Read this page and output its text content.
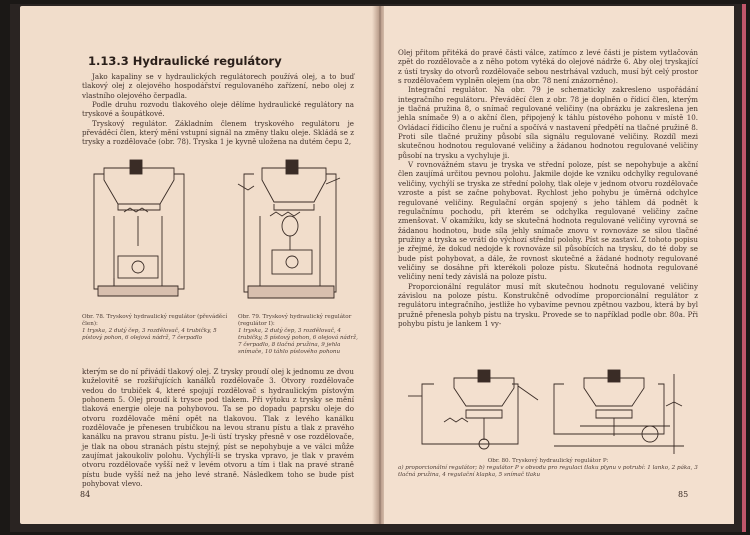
1.13.3 Hydraulické regulátory

Jako kapaliny se v hydraulických regulátorech používá olej, a to buď tlakový olej z olejového hospodářství regulovaného zařízení, nebo olej z vlastního olejového čerpadla.

Podle druhu rozvodu tlakového oleje dělíme hydraulické regulátory na tryskové a šoupátkové.

Tryskový regulátor. Základním členem tryskového regulátoru je převáděcí člen, který mění vstupní signál na změny tlaku oleje. Skládá se z trysky a rozdělovače (obr. 78). Tryska 1 je kyvně uložena na dutém čepu 2,

Obr. 78. Tryskový hydraulický regulátor (převáděcí člen):
1 tryska, 2 dutý čep, 3 rozdělovač, 4 trubičky, 5 pístový pohon, 6 olejová nádrž, 7 čerpadlo
Obr. 79. Tryskový hydraulický regulátor (regulátor I):
1 tryska, 2 dutý čep, 3 rozdělovač, 4 trubičky, 5 pístový pohon, 6 olejová nádrž, 7 čerpadlo, 8 tlačná pružina, 9 jehla snímače, 10 táhlo pístového pohonu

kterým se do ní přivádí tlakový olej. Z trysky proudí olej k jednomu ze dvou kuželovitě se rozšiřujících kanálků rozdělovače 3. Otvory rozdělovače vedou do trubiček 4, které spojují rozdělovač s hydraulickým pístovým pohonem 5. Olej proudí k trysce pod tlakem. Při výtoku z trysky se mění tlaková energie oleje na pohybovou. Ta se po dopadu paprsku oleje do otvoru rozdělovače mění opět na tlakovou. Tlak z levého kanálku rozdělovače je přenesen trubičkou na levou stranu pístu a tlak z pravého kanálku na pravou stranu pístu. Je-li ústí trysky přesně v ose rozdělovače, je tlak na obou stranách pístu stejný, píst se nepohybuje a ve válci může zaujímat jakoukoliv polohu. Vychýlí-li se tryska vpravo, je tlak v pravém otvoru rozdělovače vyšší než v levém otvoru a tím i tlak na pravé straně pístu bude vyšší než na jeho levé straně. Následkem toho se bude píst pohybovat vlevo.

84

Olej přitom přitéká do pravé části válce, zatímco z levé části je pístem vytlačován zpět do rozdělovače a z něho potom vytéká do olejové nádrže 6. Aby olej tryskající z ústí trysky do otvorů rozdělovače sebou nestrhával vzduch, musí být celý prostor s rozdělovačem vyplněn olejem (na obr. 78 není znázorněno).

Integrační regulátor. Na obr. 79 je schematicky zakresleno uspořádání integračního regulátoru. Převáděcí člen z obr. 78 je doplněn o řídicí člen, kterým je tlačná pružina 8, o snímač regulované veličiny (na obrázku je zakreslena jen jehla snímače 9) a o akční člen, připojený k táhlu pístového pohonu v místě 10. Ovládací řídicího členu je ruční a spočívá v nastavení předpětí na tlačné pružině 8. Proti síle tlačné pružiny působí síla signálu regulované veličiny. Rozdíl mezi skutečnou hodnotou regulované veličiny a žádanou hodnotou regulované veličiny působí na trysku a vychyluje ji.

V rovnovážném stavu je tryska ve střední poloze, píst se nepohybuje a akční člen zaujímá určitou pevnou polohu. Jakmile dojde ke vzniku odchylky regulované veličiny, vychýlí se tryska ze střední polohy, tlak oleje v jednom otvoru rozdělovače vzroste a píst se začne pohybovat. Rychlost jeho pohybu je úměrná odchylce regulované veličiny. Regulační orgán spojený s jeho táhlem dá podnět k regulačnímu pochodu, při kterém se odchylka regulované veličiny začne zmenšovat. V okamžiku, kdy se skutečná hodnota regulované veličiny vyrovná se žádanou hodnotou, bude síla jehly snímače znovu v rovnováze se silou tlačné pružiny a tryska se vrátí do výchozí střední polohy. Píst se zastaví. Z tohoto popisu je zřejmé, že dokud nedojde k rovnováze sil působících na trysku, do té doby se bude píst pohybovat, a dále, že rovnost skutečné a žádané hodnoty regulované veličiny se dosáhne při kterékoli poloze pístu. Skutečná hodnota regulované veličiny není tedy závislá na poloze pístu.

Proporcionální regulátor musí mít skutečnou hodnotu regulované veličiny závislou na poloze pístu. Konstrukčně odvodíme proporcionální regulátor z regulátoru integračního, jestliže ho vybavíme pevnou zpětnou vazbou, která by byl pružně přenesla pohyb pístu na trysku. Provede se to například podle obr. 80a. Při pohybu pístu je lankem 1 vy-

Obr. 80. Tryskový hydraulický regulátor P:
a) proporcionální regulátor; b) regulátor P v obvodu pro regulaci tlaku plynu v potrubí: 1 lanko, 2 páka, 3 tlačná pružina, 4 regulační klapka, 5 snímač tlaku
85
